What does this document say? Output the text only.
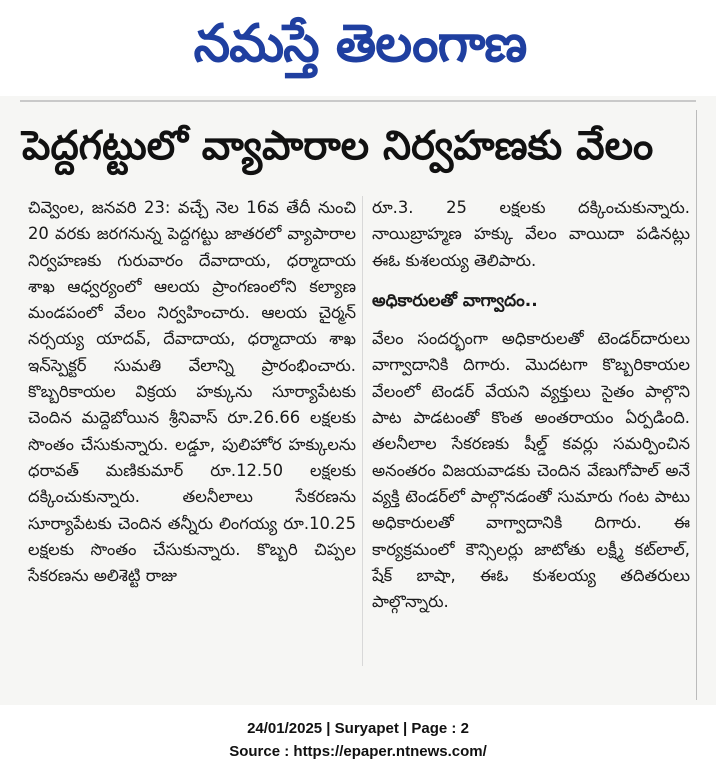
నమస్తే తెలంగాణ
పెద్దగట్టులో వ్యాపారాల నిర్వహణకు వేలం

చివ్వెంల, జనవరి 23: వచ్చే నెల 16వ తేదీ నుంచి 20 వరకు జరగనున్న పెద్దగట్టు జాతరలో వ్యాపారాల నిర్వహణకు గురువారం దేవాదాయ, ధర్మాదాయ శాఖ ఆధ్వర్యంలో ఆలయ ప్రాంగణంలోని కల్యాణ మండపంలో వేలం నిర్వహించారు. ఆలయ చైర్మన్ నర్సయ్య యాదవ్, దేవాదాయ, ధర్మాదాయ శాఖ ఇన్‌స్పెక్టర్ సుమతి వేలాన్ని ప్రారంభించారు. కొబ్బరికాయల విక్రయ హక్కును సూర్యాపేటకు చెందిన మద్దెబోయిన శ్రీనివాస్ రూ.26.66 లక్షలకు సొంతం చేసుకున్నారు. లడ్డూ, పులిహోర హక్కులను ధరావత్ మణికుమార్ రూ.12.50 లక్షలకు దక్కించుకున్నారు. తలనీలాలు సేకరణను సూర్యాపేటకు చెందిన తన్నీరు లింగయ్య రూ.10.25 లక్షలకు సొంతం చేసుకున్నారు. కొబ్బరి చిప్పల సేకరణను అలిశెట్టి రాజు

రూ.3. 25 లక్షలకు దక్కించుకున్నారు. నాయిబ్రాహ్మణ హక్కు వేలం వాయిదా పడినట్లు ఈఓ కుశలయ్య తెలిపారు.

అధికారులతో వాగ్వాదం..

వేలం సందర్భంగా అధికారులతో టెండర్‌దారులు వాగ్వాదానికి దిగారు. మొదటగా కొబ్బరికాయల వేలంలో టెండర్ వేయని వ్యక్తులు సైతం పాల్గొని పాట పాడటంతో కొంత అంతరాయం ఏర్పడింది. తలనీలాల సేకరణకు షీల్డ్ కవర్లు సమర్పించిన అనంతరం విజయవాడకు చెందిన వేణుగోపాల్ అనే వ్యక్తి టెండర్‌లో పాల్గొనడంతో సుమారు గంట పాటు అధికారులతో వాగ్వాదానికి దిగారు. ఈ కార్యక్రమంలో కౌన్సిలర్లు జాటోతు లక్ష్మీ కట్‌లాల్, షేక్ బాషా, ఈఓ కుశలయ్య తదితరులు పాల్గొన్నారు.

24/01/2025 | Suryapet | Page : 2
Source : https://epaper.ntnews.com/
